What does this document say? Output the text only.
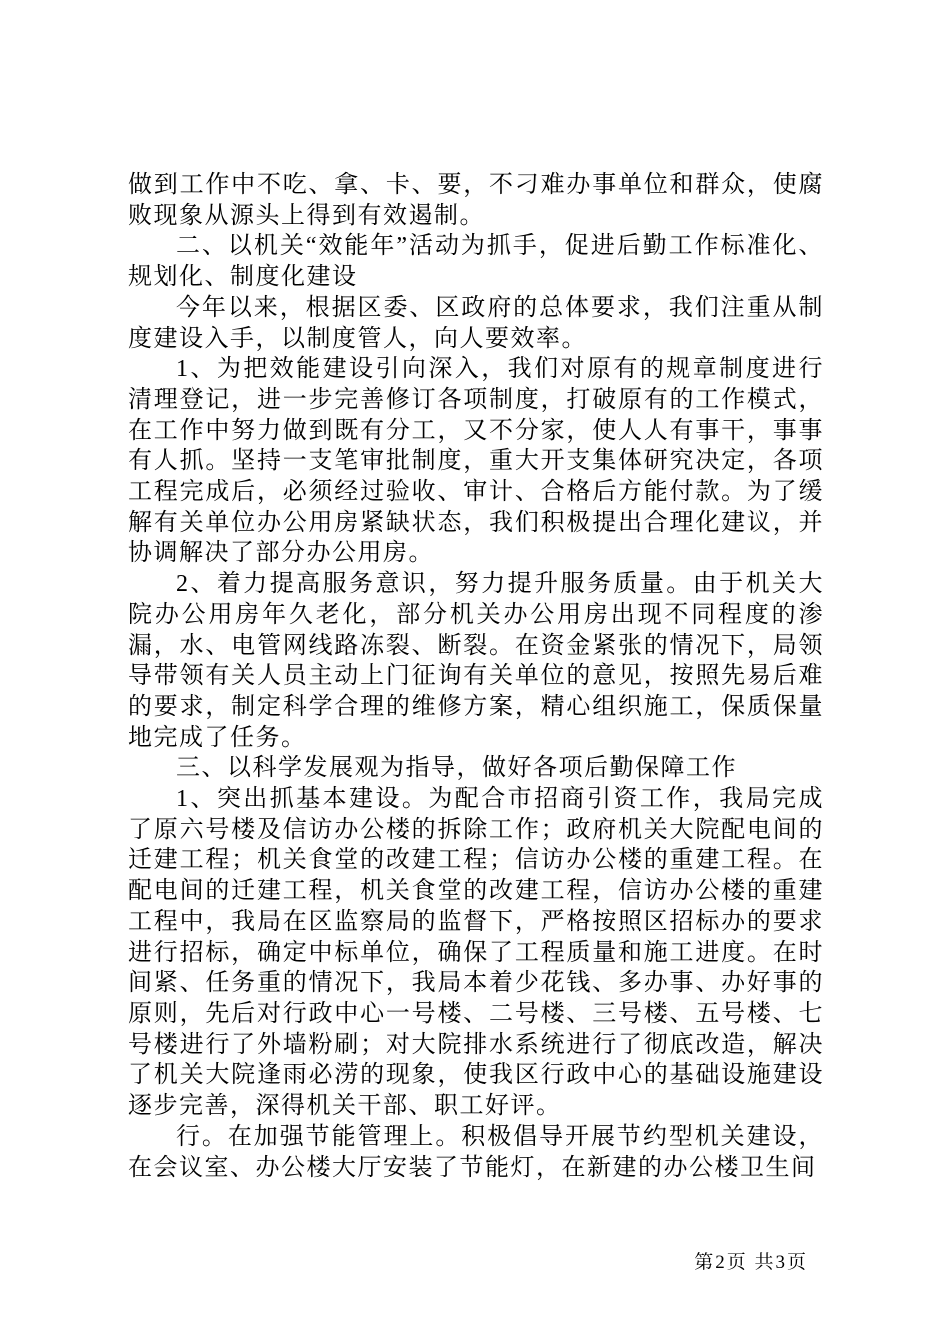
做到工作中不吃、拿、卡、要，不刁难办事单位和群众，使腐败现象从源头上得到有效遏制。

二、以机关“效能年”活动为抓手，促进后勤工作标准化、规划化、制度化建设

今年以来，根据区委、区政府的总体要求，我们注重从制度建设入手，以制度管人，向人要效率。

1、为把效能建设引向深入，我们对原有的规章制度进行清理登记，进一步完善修订各项制度，打破原有的工作模式，在工作中努力做到既有分工，又不分家，使人人有事干，事事有人抓。坚持一支笔审批制度，重大开支集体研究决定，各项工程完成后，必须经过验收、审计、合格后方能付款。为了缓解有关单位办公用房紧缺状态，我们积极提出合理化建议，并协调解决了部分办公用房。

2、着力提高服务意识，努力提升服务质量。由于机关大院办公用房年久老化，部分机关办公用房出现不同程度的渗漏，水、电管网线路冻裂、断裂。在资金紧张的情况下，局领导带领有关人员主动上门征询有关单位的意见，按照先易后难的要求，制定科学合理的维修方案，精心组织施工，保质保量地完成了任务。

三、以科学发展观为指导，做好各项后勤保障工作

1、突出抓基本建设。为配合市招商引资工作，我局完成了原六号楼及信访办公楼的拆除工作；政府机关大院配电间的迁建工程；机关食堂的改建工程；信访办公楼的重建工程。在配电间的迁建工程，机关食堂的改建工程，信访办公楼的重建工程中，我局在区监察局的监督下，严格按照区招标办的要求进行招标，确定中标单位，确保了工程质量和施工进度。在时间紧、任务重的情况下，我局本着少花钱、多办事、办好事的原则，先后对行政中心一号楼、二号楼、三号楼、五号楼、七号楼进行了外墙粉刷；对大院排水系统进行了彻底改造，解决了机关大院逢雨必涝的现象，使我区行政中心的基础设施建设逐步完善，深得机关干部、职工好评。

行。在加强节能管理上。积极倡导开展节约型机关建设，在会议室、办公楼大厅安装了节能灯，在新建的办公楼卫生间

第2页 共3页
